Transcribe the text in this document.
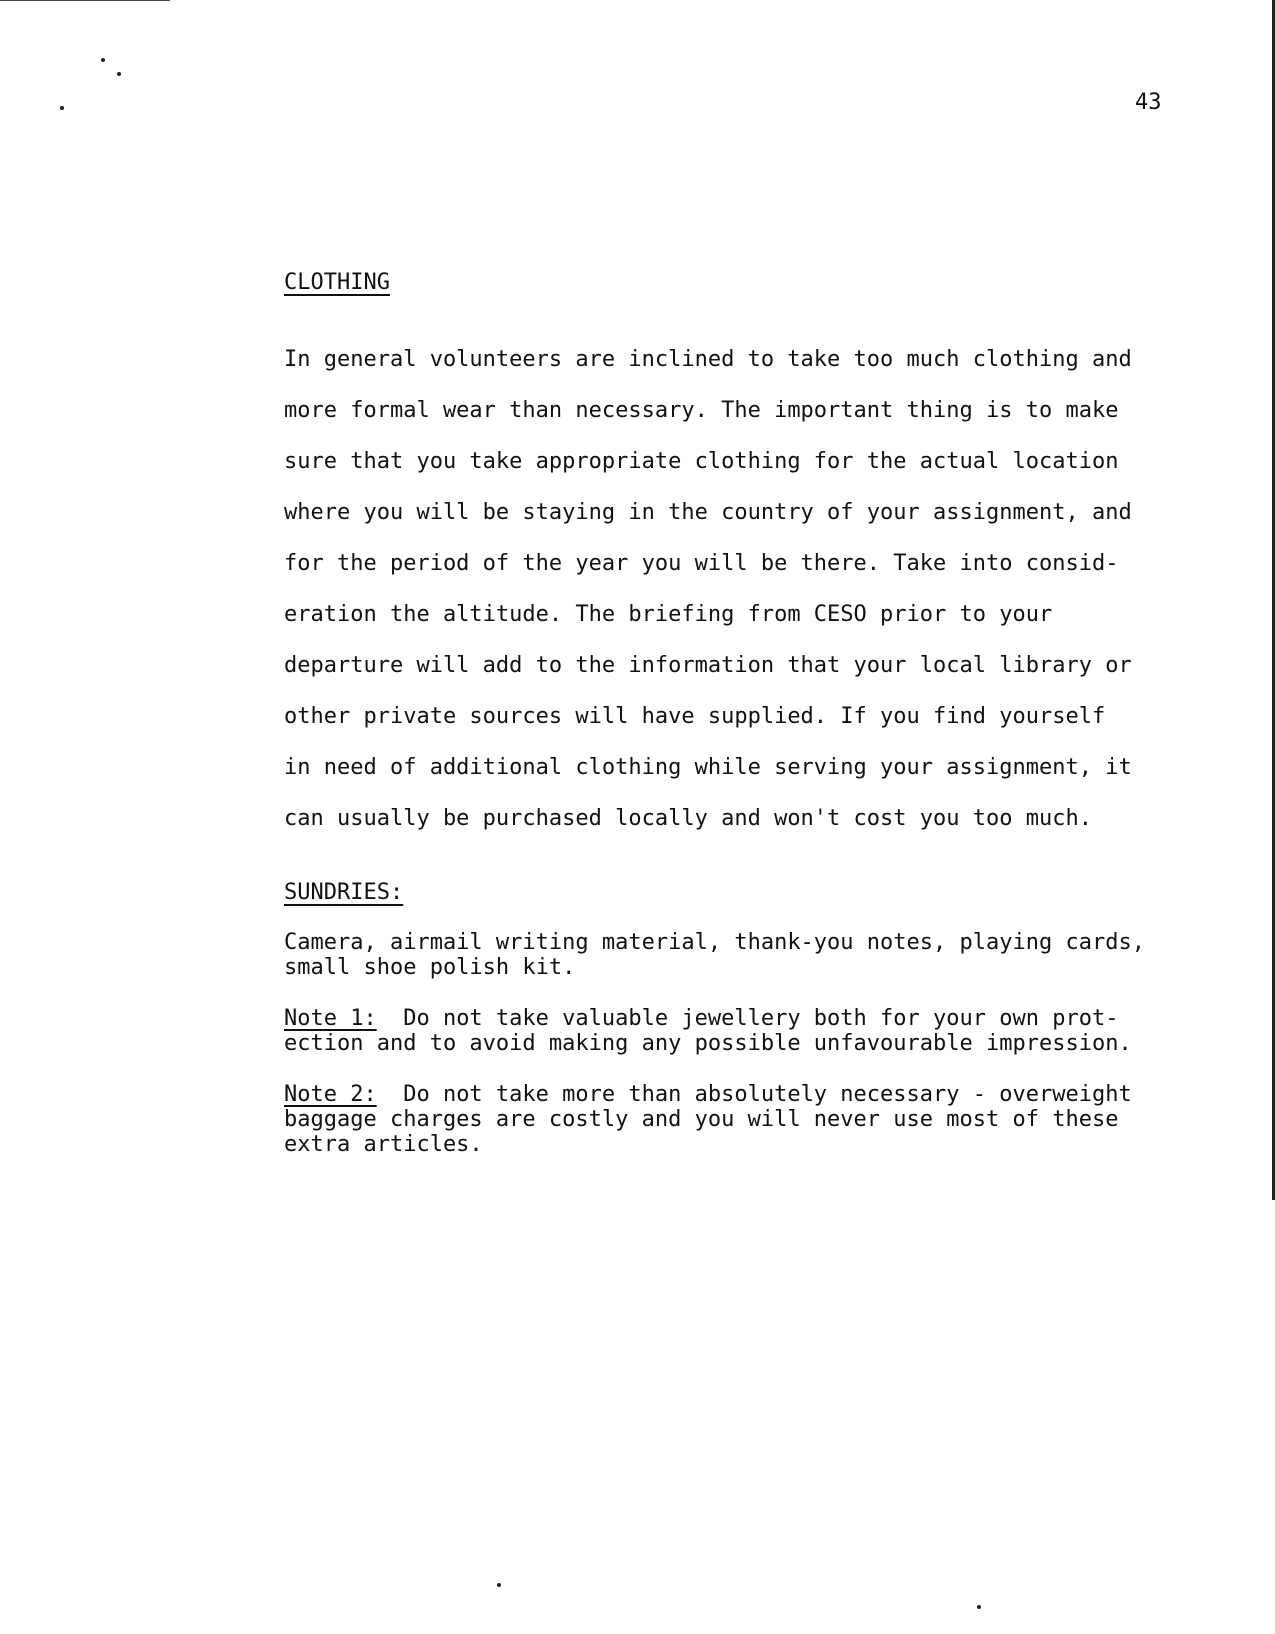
43
CLOTHING
In general volunteers are inclined to take too much clothing and
more formal wear than necessary. The important thing is to make
sure that you take appropriate clothing for the actual location
where you will be staying in the country of your assignment, and
for the period of the year you will be there. Take into consid-
eration the altitude. The briefing from CESO prior to your
departure will add to the information that your local library or
other private sources will have supplied. If you find yourself
in need of additional clothing while serving your assignment, it
can usually be purchased locally and won't cost you too much.
SUNDRIES:
Camera, airmail writing material, thank-you notes, playing cards,
small shoe polish kit.
Note 1:  Do not take valuable jewellery both for your own prot-
ection and to avoid making any possible unfavourable impression.
Note 2:  Do not take more than absolutely necessary - overweight
baggage charges are costly and you will never use most of these
extra articles.
